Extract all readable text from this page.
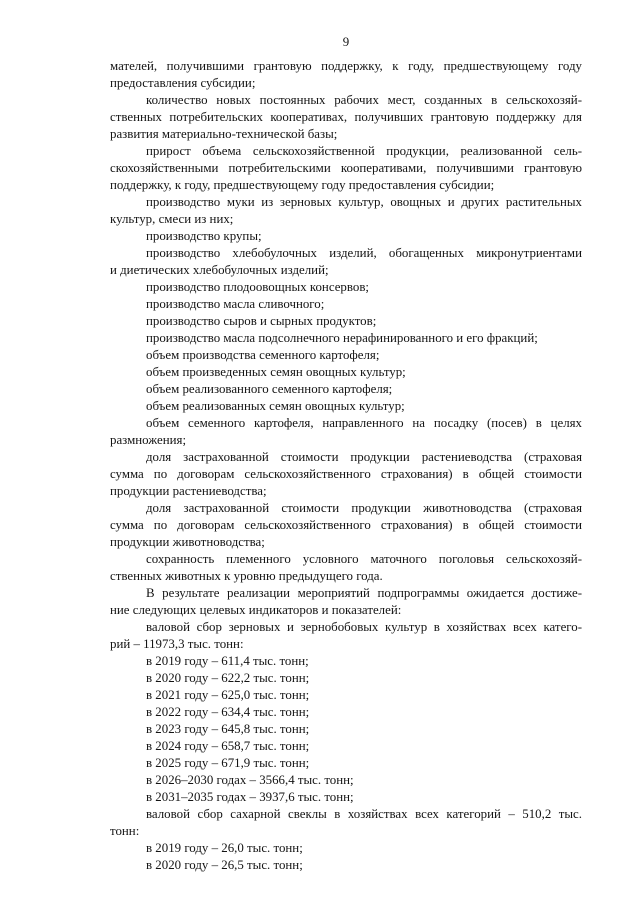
9
мателей, получившими грантовую поддержку, к году, предшествующему году
предоставления субсидии;
количество новых постоянных рабочих мест, созданных в сельскохозяй-
ственных потребительских кооперативах, получивших грантовую поддержку для
развития материально-технической базы;
прирост объема сельскохозяйственной продукции, реализованной сель-
скохозяйственными потребительскими кооперативами, получившими грантовую
поддержку, к году, предшествующему году предоставления субсидии;
производство муки из зерновых культур, овощных и других растительных
культур, смеси из них;
производство крупы;
производство хлебобулочных изделий, обогащенных микронутриентами
и диетических хлебобулочных изделий;
производство плодоовощных консервов;
производство масла сливочного;
производство сыров и сырных продуктов;
производство масла подсолнечного нерафинированного и его фракций;
объем производства семенного картофеля;
объем произведенных семян овощных культур;
объем реализованного семенного картофеля;
объем реализованных семян овощных культур;
объем семенного картофеля, направленного на посадку (посев) в целях
размножения;
доля застрахованной стоимости продукции растениеводства (страховая
сумма по договорам сельскохозяйственного страхования) в общей стоимости
продукции растениеводства;
доля застрахованной стоимости продукции животноводства (страховая
сумма по договорам сельскохозяйственного страхования) в общей стоимости
продукции животноводства;
сохранность племенного условного маточного поголовья сельскохозяй-
ственных животных к уровню предыдущего года.
В результате реализации мероприятий подпрограммы ожидается достиже-
ние следующих целевых индикаторов и показателей:
валовой сбор зерновых и зернобобовых культур в хозяйствах всех катего-
рий – 11973,3 тыс. тонн:
в 2019 году – 611,4 тыс. тонн;
в 2020 году – 622,2 тыс. тонн;
в 2021 году – 625,0 тыс. тонн;
в 2022 году – 634,4 тыс. тонн;
в 2023 году – 645,8 тыс. тонн;
в 2024 году – 658,7 тыс. тонн;
в 2025 году – 671,9 тыс. тонн;
в 2026–2030 годах – 3566,4 тыс. тонн;
в 2031–2035 годах – 3937,6 тыс. тонн;
валовой сбор сахарной свеклы в хозяйствах всех категорий – 510,2 тыс.
тонн:
в 2019 году – 26,0 тыс. тонн;
в 2020 году – 26,5 тыс. тонн;
